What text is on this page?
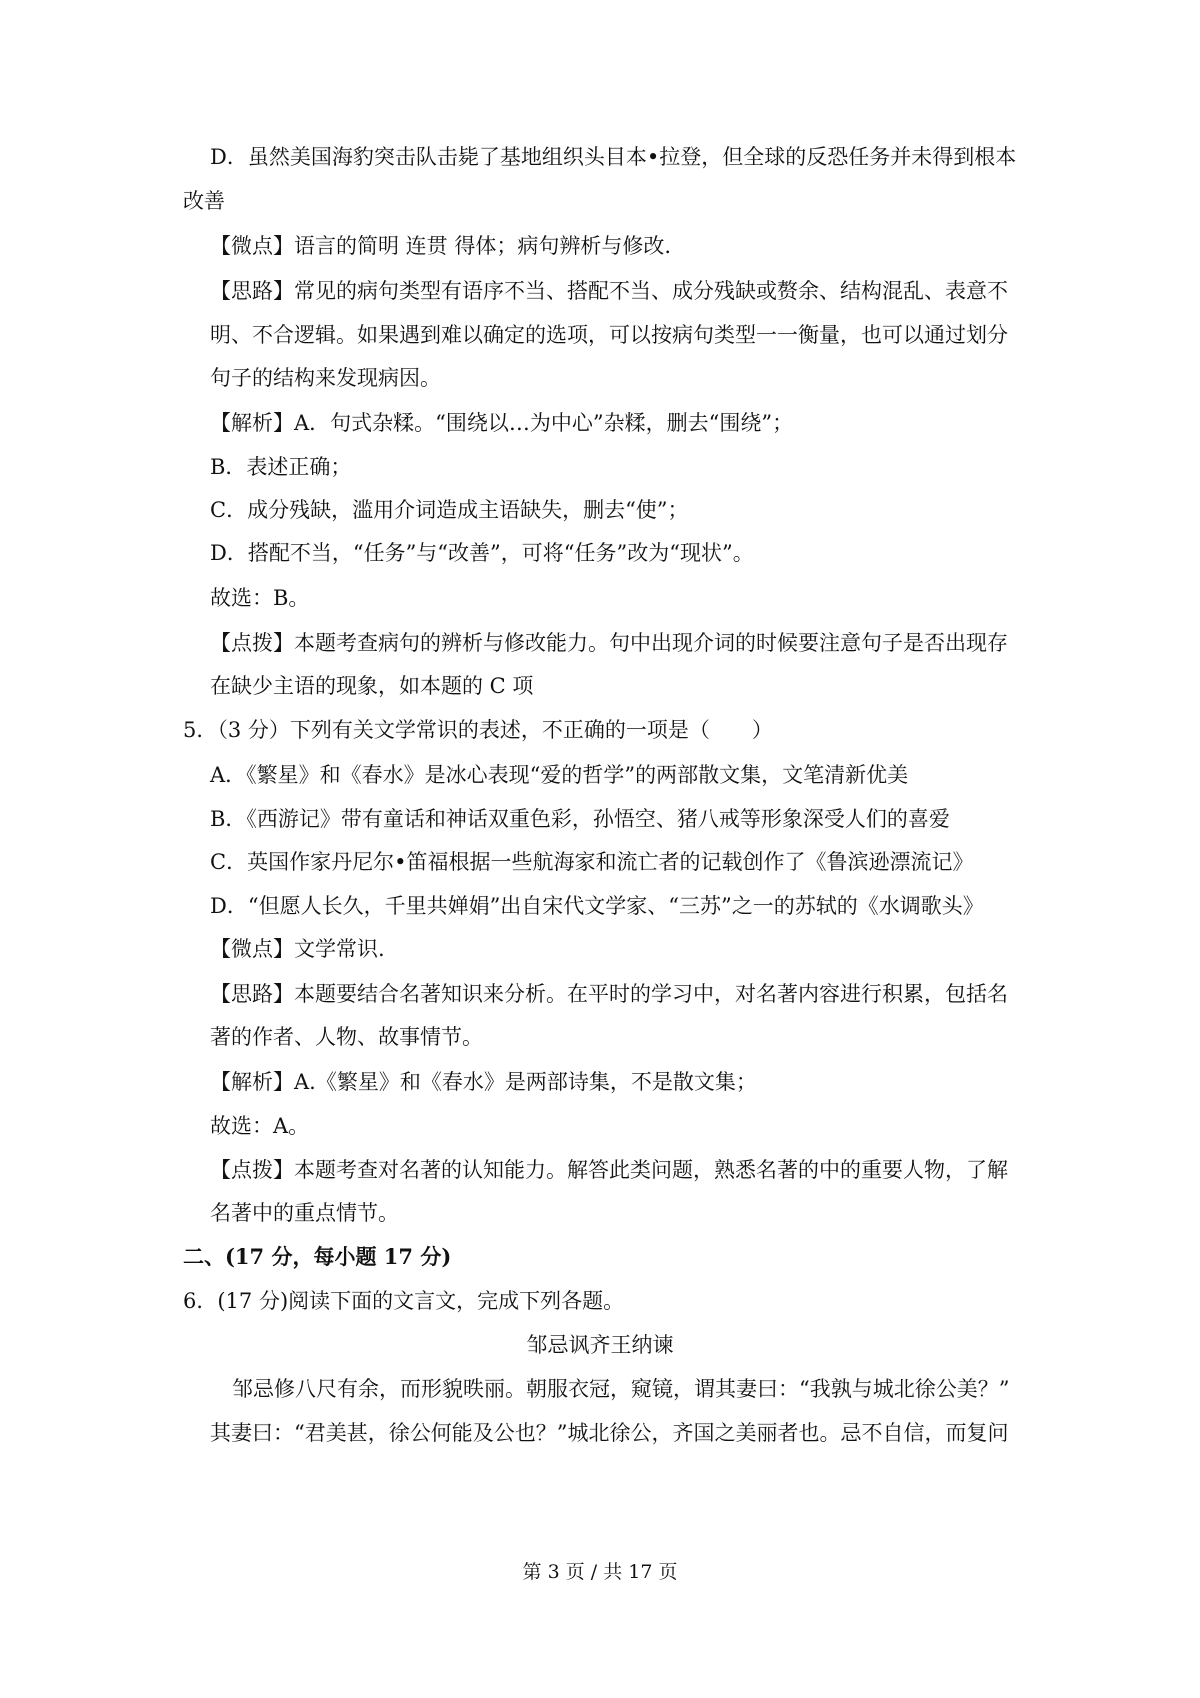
D．虽然美国海豹突击队击毙了基地组织头目本•拉登，但全球的反恐任务并未得到根本
改善
【微点】语言的简明 连贯 得体；病句辨析与修改.
【思路】常见的病句类型有语序不当、搭配不当、成分残缺或赘余、结构混乱、表意不
明、不合逻辑。如果遇到难以确定的选项，可以按病句类型一一衡量，也可以通过划分
句子的结构来发现病因。
【解析】A．句式杂糅。“围绕以…为中心”杂糅，删去“围绕”；
B．表述正确；
C．成分残缺，滥用介词造成主语缺失，删去“使”；
D．搭配不当，“任务”与“改善”，可将“任务”改为“现状”。
故选：B。
【点拨】本题考查病句的辨析与修改能力。句中出现介词的时候要注意句子是否出现存
在缺少主语的现象，如本题的 C 项
5．（3 分）下列有关文学常识的表述，不正确的一项是（　　）
A．《繁星》和《春水》是冰心表现“爱的哲学”的两部散文集，文笔清新优美
B．《西游记》带有童话和神话双重色彩，孙悟空、猪八戒等形象深受人们的喜爱
C．英国作家丹尼尔•笛福根据一些航海家和流亡者的记载创作了《鲁滨逊漂流记》
D．“但愿人长久，千里共婵娟”出自宋代文学家、“三苏”之一的苏轼的《水调歌头》
【微点】文学常识.
【思路】本题要结合名著知识来分析。在平时的学习中，对名著内容进行积累，包括名
著的作者、人物、故事情节。
【解析】A.《繁星》和《春水》是两部诗集，不是散文集；
故选：A。
【点拨】本题考查对名著的认知能力。解答此类问题，熟悉名著的中的重要人物，了解
名著中的重点情节。
二、(17 分，每小题 17 分)
6．(17 分)阅读下面的文言文，完成下列各题。
邹忌讽齐王纳谏
邹忌修八尺有余，而形貌昳丽。朝服衣冠，窥镜，谓其妻曰：“我孰与城北徐公美？”
其妻曰：“君美甚，徐公何能及公也？”城北徐公，齐国之美丽者也。忌不自信，而复问
第 3 页 / 共 17 页
